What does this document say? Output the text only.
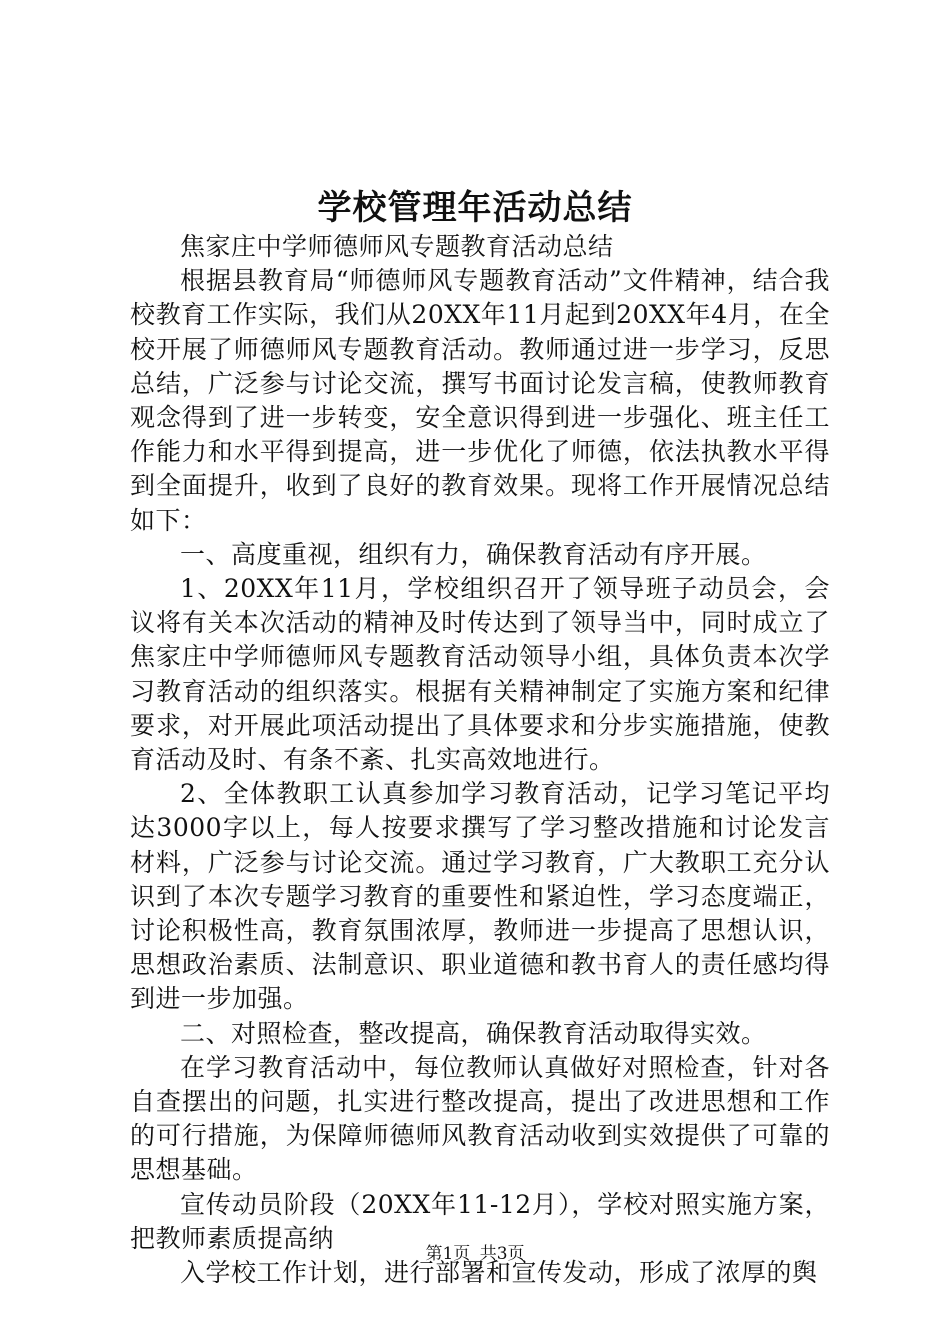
学校管理年活动总结

焦家庄中学师德师风专题教育活动总结

根据县教育局“师德师风专题教育活动”文件精神，结合我校教育工作实际，我们从20XX年11月起到20XX年4月，在全校开展了师德师风专题教育活动。教师通过进一步学习，反思总结，广泛参与讨论交流，撰写书面讨论发言稿，使教师教育观念得到了进一步转变，安全意识得到进一步强化、班主任工作能力和水平得到提高，进一步优化了师德，依法执教水平得到全面提升，收到了良好的教育效果。现将工作开展情况总结如下：

一、高度重视，组织有力，确保教育活动有序开展。

1、20XX年11月，学校组织召开了领导班子动员会，会议将有关本次活动的精神及时传达到了领导当中，同时成立了焦家庄中学师德师风专题教育活动领导小组，具体负责本次学习教育活动的组织落实。根据有关精神制定了实施方案和纪律要求，对开展此项活动提出了具体要求和分步实施措施，使教育活动及时、有条不紊、扎实高效地进行。

2、全体教职工认真参加学习教育活动，记学习笔记平均达3000字以上，每人按要求撰写了学习整改措施和讨论发言材料，广泛参与讨论交流。通过学习教育，广大教职工充分认识到了本次专题学习教育的重要性和紧迫性，学习态度端正，讨论积极性高，教育氛围浓厚，教师进一步提高了思想认识，思想政治素质、法制意识、职业道德和教书育人的责任感均得到进一步加强。

二、对照检查，整改提高，确保教育活动取得实效。

在学习教育活动中，每位教师认真做好对照检查，针对各自查摆出的问题，扎实进行整改提高，提出了改进思想和工作的可行措施，为保障师德师风教育活动收到实效提供了可靠的思想基础。

宣传动员阶段（20XX年11-12月），学校对照实施方案，把教师素质提高纳

入学校工作计划，进行部署和宣传发动，形成了浓厚的舆

第1页 共3页
